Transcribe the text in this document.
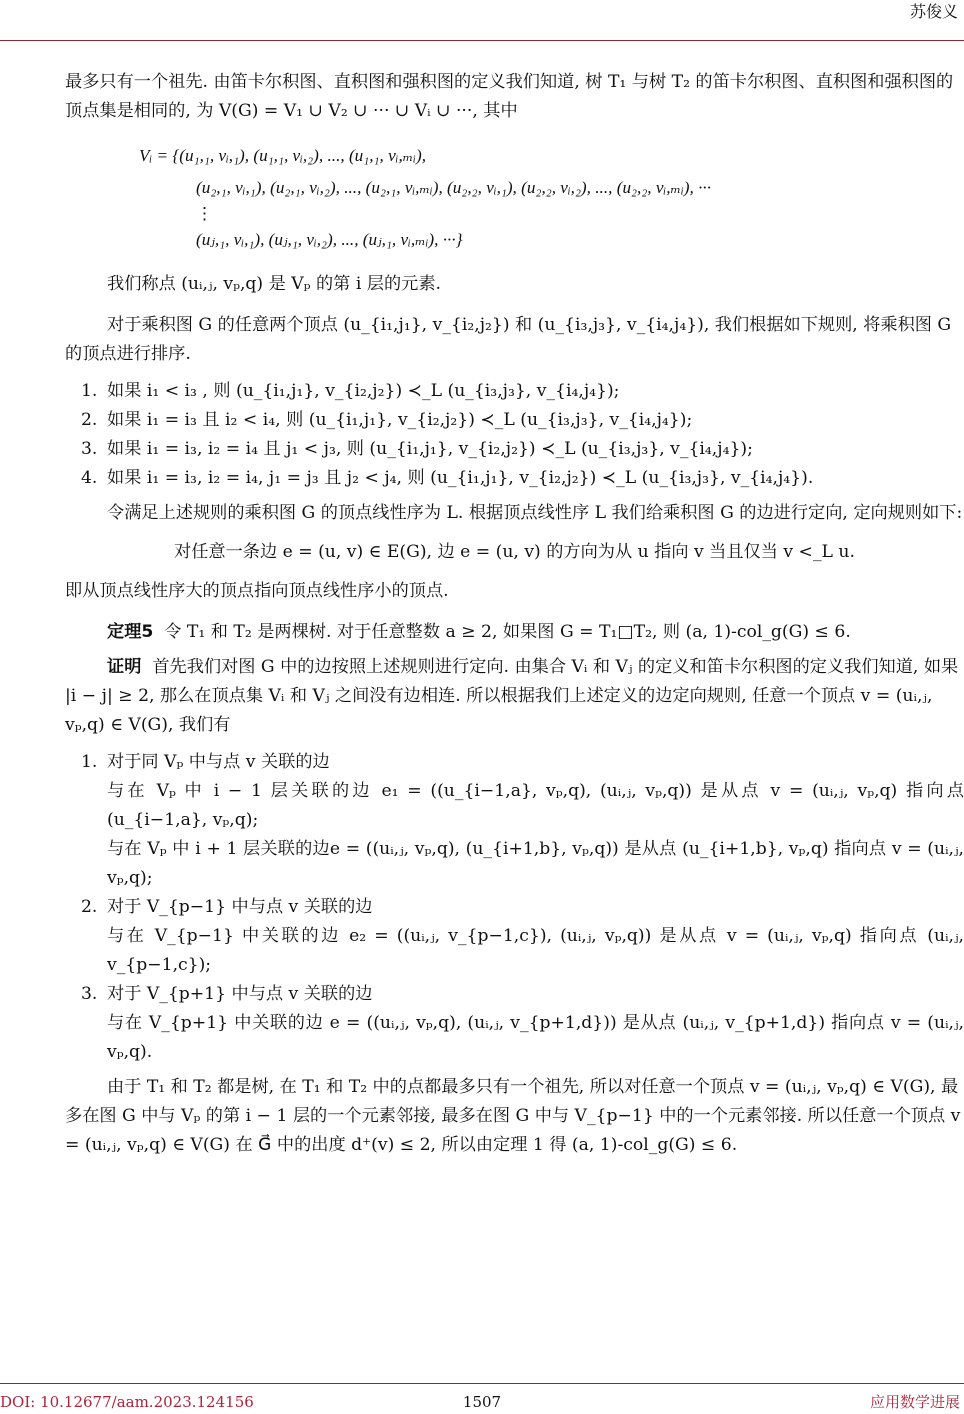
苏俊义

最多只有一个祖先. 由笛卡尔积图、直积图和强积图的定义我们知道, 树 T₁ 与树 T₂ 的笛卡尔积图、直积图和强积图的顶点集是相同的, 为 V(G) = V₁ ∪ V₂ ∪ ··· ∪ Vᵢ ∪ ···, 其中

Vᵢ = {(u₁,₁, vᵢ,₁), (u₁,₁, vᵢ,₂), ..., (u₁,₁, vᵢ,ₘᵢ),
(u₂,₁, vᵢ,₁), (u₂,₁, vᵢ,₂), ..., (u₂,₁, vᵢ,ₘᵢ), (u₂,₂, vᵢ,₁), (u₂,₂, vᵢ,₂), ..., (u₂,₂, vᵢ,ₘᵢ), ···
⋮
(uⱼ,₁, vᵢ,₁), (uⱼ,₁, vᵢ,₂), ..., (uⱼ,₁, vᵢ,ₘᵢ), ···}

我们称点 (uᵢ,ⱼ, vₚ,q) 是 Vₚ 的第 i 层的元素.

对于乘积图 G 的任意两个顶点 (u_{i₁,j₁}, v_{i₂,j₂}) 和 (u_{i₃,j₃}, v_{i₄,j₄}), 我们根据如下规则, 将乘积图 G 的顶点进行排序.

1. 如果 i₁ < i₃ , 则 (u_{i₁,j₁}, v_{i₂,j₂}) ≺_L (u_{i₃,j₃}, v_{i₄,j₄});
2. 如果 i₁ = i₃ 且 i₂ < i₄, 则 (u_{i₁,j₁}, v_{i₂,j₂}) ≺_L (u_{i₃,j₃}, v_{i₄,j₄});
3. 如果 i₁ = i₃, i₂ = i₄ 且 j₁ < j₃, 则 (u_{i₁,j₁}, v_{i₂,j₂}) ≺_L (u_{i₃,j₃}, v_{i₄,j₄});
4. 如果 i₁ = i₃, i₂ = i₄, j₁ = j₃ 且 j₂ < j₄, 则 (u_{i₁,j₁}, v_{i₂,j₂}) ≺_L (u_{i₃,j₃}, v_{i₄,j₄}).

令满足上述规则的乘积图 G 的顶点线性序为 L. 根据顶点线性序 L 我们给乘积图 G 的边进行定向, 定向规则如下:

对任意一条边 e = (u, v) ∈ E(G), 边 e = (u, v) 的方向为从 u 指向 v 当且仅当 v <_L u.

即从顶点线性序大的顶点指向顶点线性序小的顶点.

定理5 令 T₁ 和 T₂ 是两棵树. 对于任意整数 a ≥ 2, 如果图 G = T₁□T₂, 则 (a, 1)-col_g(G) ≤ 6.

证明 首先我们对图 G 中的边按照上述规则进行定向. 由集合 Vᵢ 和 Vⱼ 的定义和笛卡尔积图的定义我们知道, 如果 |i − j| ≥ 2, 那么在顶点集 Vᵢ 和 Vⱼ 之间没有边相连. 所以根据我们上述定义的边定向规则, 任意一个顶点 v = (uᵢ,ⱼ, vₚ,q) ∈ V(G), 我们有

1. 对于同 Vₚ 中与点 v 关联的边
与在 Vₚ 中 i − 1 层关联的边 e₁ = ((u_{i−1,a}, vₚ,q), (uᵢ,ⱼ, vₚ,q)) 是从点 v = (uᵢ,ⱼ, vₚ,q) 指向点 (u_{i−1,a}, vₚ,q);
与在 Vₚ 中 i + 1 层关联的边e = ((uᵢ,ⱼ, vₚ,q), (u_{i+1,b}, vₚ,q)) 是从点 (u_{i+1,b}, vₚ,q) 指向点 v = (uᵢ,ⱼ, vₚ,q);
2. 对于 V_{p−1} 中与点 v 关联的边
与在 V_{p−1} 中关联的边 e₂ = ((uᵢ,ⱼ, v_{p−1,c}), (uᵢ,ⱼ, vₚ,q)) 是从点 v = (uᵢ,ⱼ, vₚ,q) 指向点 (uᵢ,ⱼ, v_{p−1,c});
3. 对于 V_{p+1} 中与点 v 关联的边
与在 V_{p+1} 中关联的边 e = ((uᵢ,ⱼ, vₚ,q), (uᵢ,ⱼ, v_{p+1,d})) 是从点 (uᵢ,ⱼ, v_{p+1,d}) 指向点 v = (uᵢ,ⱼ, vₚ,q).

由于 T₁ 和 T₂ 都是树, 在 T₁ 和 T₂ 中的点都最多只有一个祖先, 所以对任意一个顶点 v = (uᵢ,ⱼ, vₚ,q) ∈ V(G), 最多在图 G 中与 Vₚ 的第 i − 1 层的一个元素邻接, 最多在图 G 中与 V_{p−1} 中的一个元素邻接. 所以任意一个顶点 v = (uᵢ,ⱼ, vₚ,q) ∈ V(G) 在 G⃗ 中的出度 d⁺(v) ≤ 2, 所以由定理 1 得 (a, 1)-col_g(G) ≤ 6.

DOI: 10.12677/aam.2023.124156	1507	应用数学进展
